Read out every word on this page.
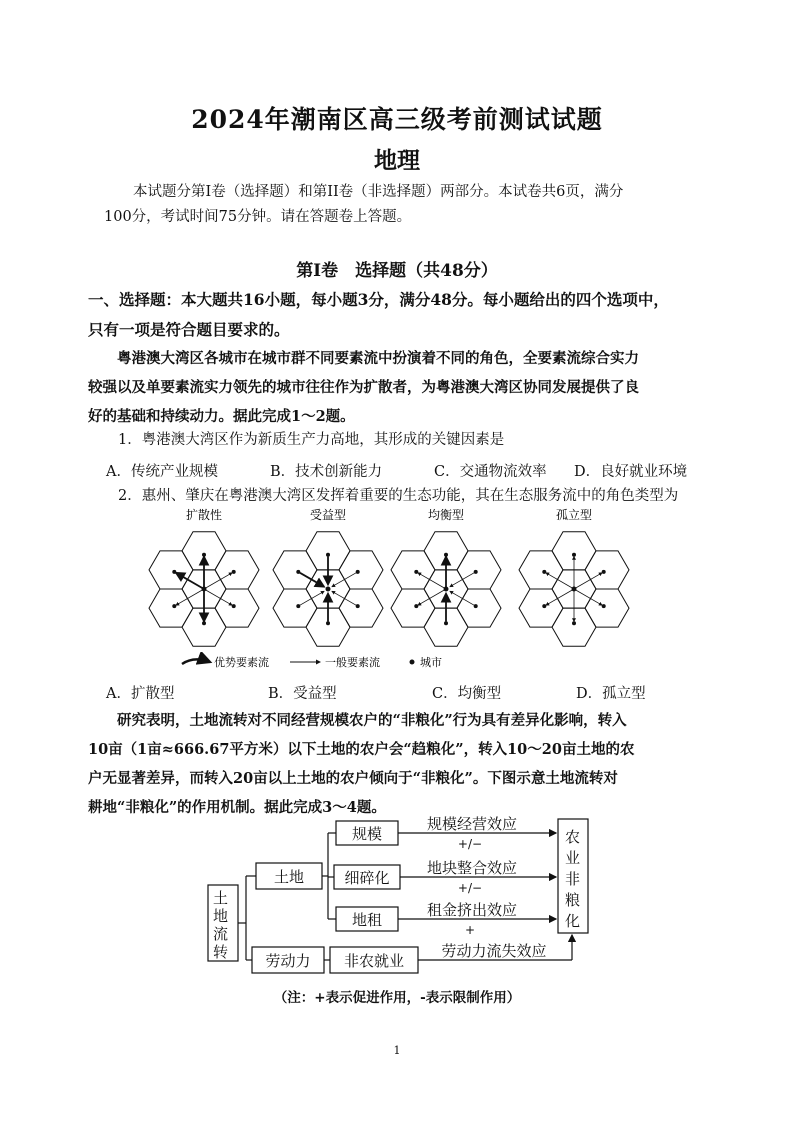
2024年潮南区高三级考前测试试题
地理
本试题分第I卷（选择题）和第II卷（非选择题）两部分。本试卷共6页，满分
100分，考试时间75分钟。请在答题卷上答题。
第I卷　选择题（共48分）
一、选择题：本大题共16小题，每小题3分，满分48分。每小题给出的四个选项中，
只有一项是符合题目要求的。
粤港澳大湾区各城市在城市群不同要素流中扮演着不同的角色，全要素流综合实力
较强以及单要素流实力领先的城市往往作为扩散者，为粤港澳大湾区协同发展提供了良
好的基础和持续动力。据此完成1～2题。
1．粤港澳大湾区作为新质生产力高地，其形成的关键因素是
A．传统产业规模	B．技术创新能力	C．交通物流效率 D．良好就业环境
2．惠州、肇庆在粤港澳大湾区发挥着重要的生态功能，其在生态服务流中的角色类型为
扩散性	受益型	均衡型	孤立型
优势要素流	一般要素流	城市
A．扩散型	B．受益型	C．均衡型	D．孤立型
研究表明，土地流转对不同经营规模农户的“非粮化”行为具有差异化影响，转入
10亩（1亩≈666.67平方米）以下土地的农户会“趋粮化”，转入10～20亩土地的农
户无显著差异，而转入20亩以上土地的农户倾向于“非粮化”。下图示意土地流转对
耕地“非粮化”的作用机制。据此完成3～4题。
土
地
流
转
土地
劳动力
规模
细碎化
地租
非农就业
规模经营效应
地块整合效应
租金挤出效应
劳动力流失效应
+/−
+/−
+
农
业
非
粮
化
（注：+表示促进作用，-表示限制作用）
1
